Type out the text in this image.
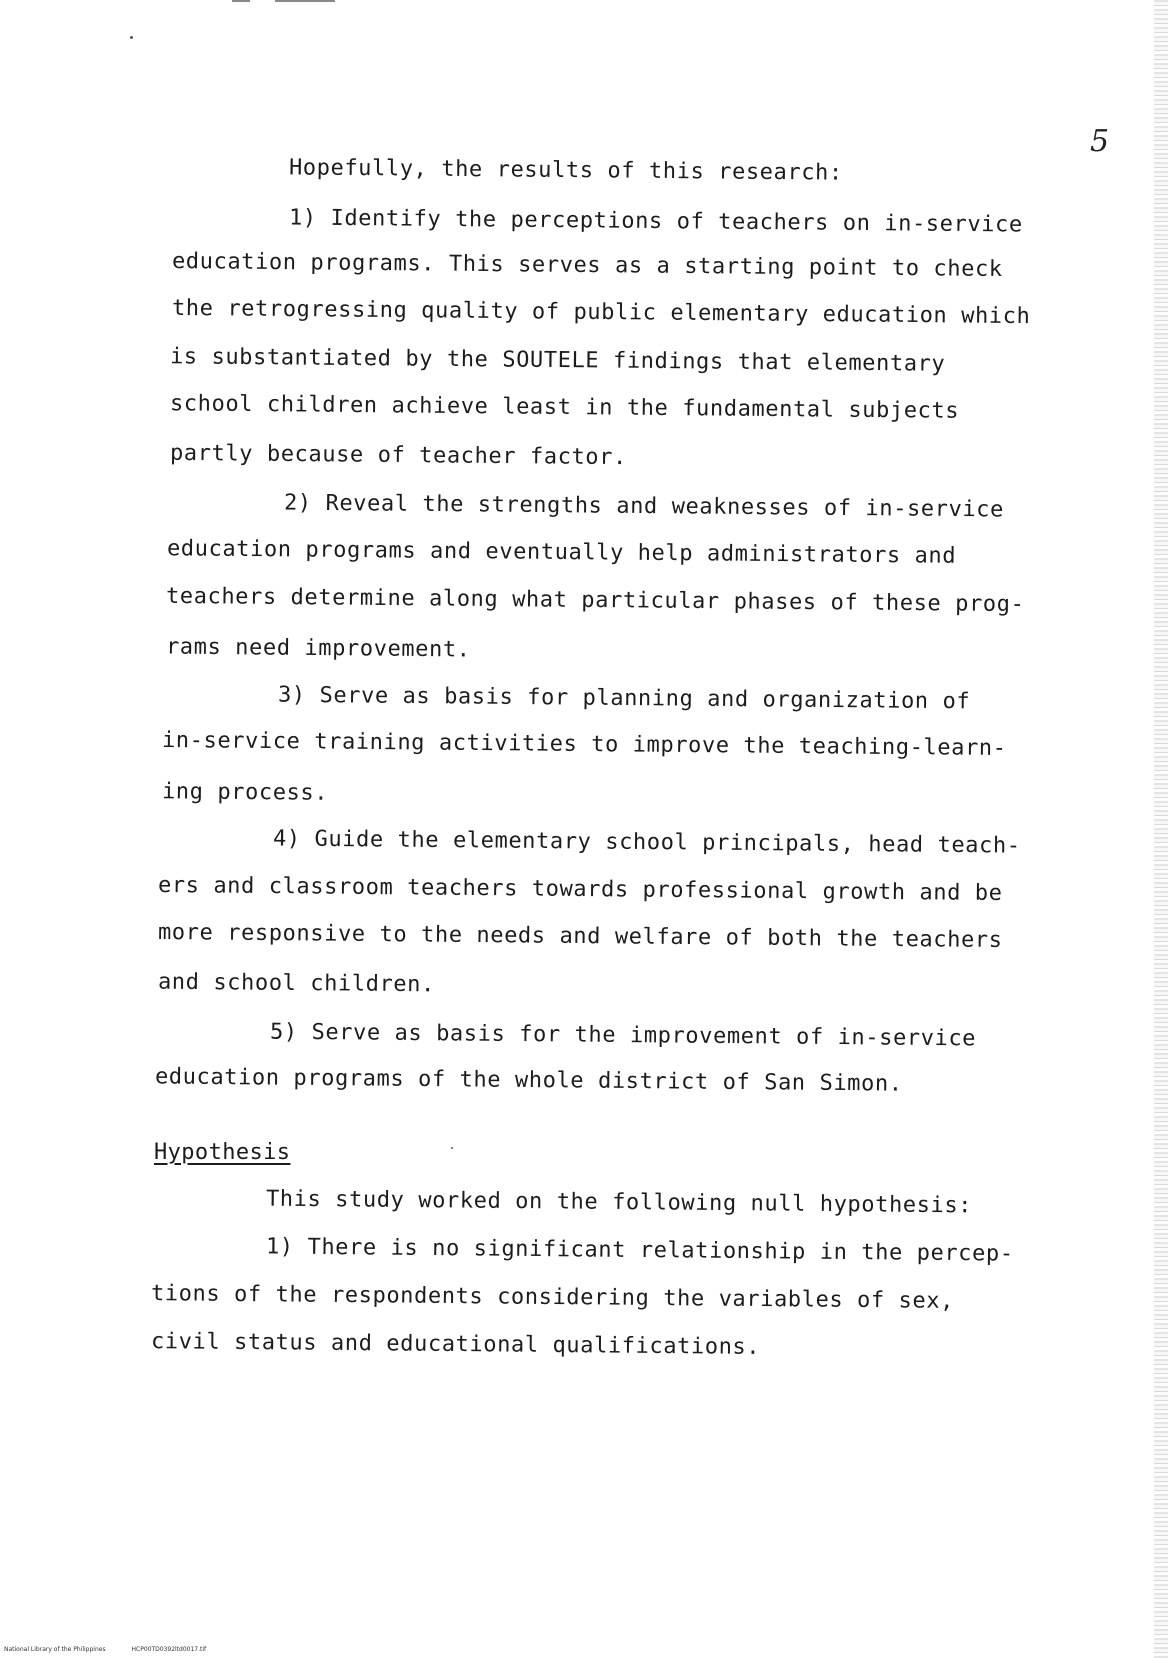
5
Hopefully, the results of this research:
1) Identify the perceptions of teachers on in-service
education programs. This serves as a starting point to check
the retrogressing quality of public elementary education which
is substantiated by the SOUTELE findings that elementary
school children achieve least in the fundamental subjects
partly because of teacher factor.
2) Reveal the strengths and weaknesses of in-service
education programs and eventually help administrators and
teachers determine along what particular phases of these prog-
rams need improvement.
3) Serve as basis for planning and organization of
in-service training activities to improve the teaching-learn-
ing process.
4) Guide the elementary school principals, head teach-
ers and classroom teachers towards professional growth and be
more responsive to the needs and welfare of both the teachers
and school children.
5) Serve as basis for the improvement of in-service
education programs of the whole district of San Simon.
Hypothesis
This study worked on the following null hypothesis:
1) There is no significant relationship in the percep-
tions of the respondents considering the variables of sex,
civil status and educational qualifications.
National Library of the Philippines	HCP00TD0392ltd0017.tif
